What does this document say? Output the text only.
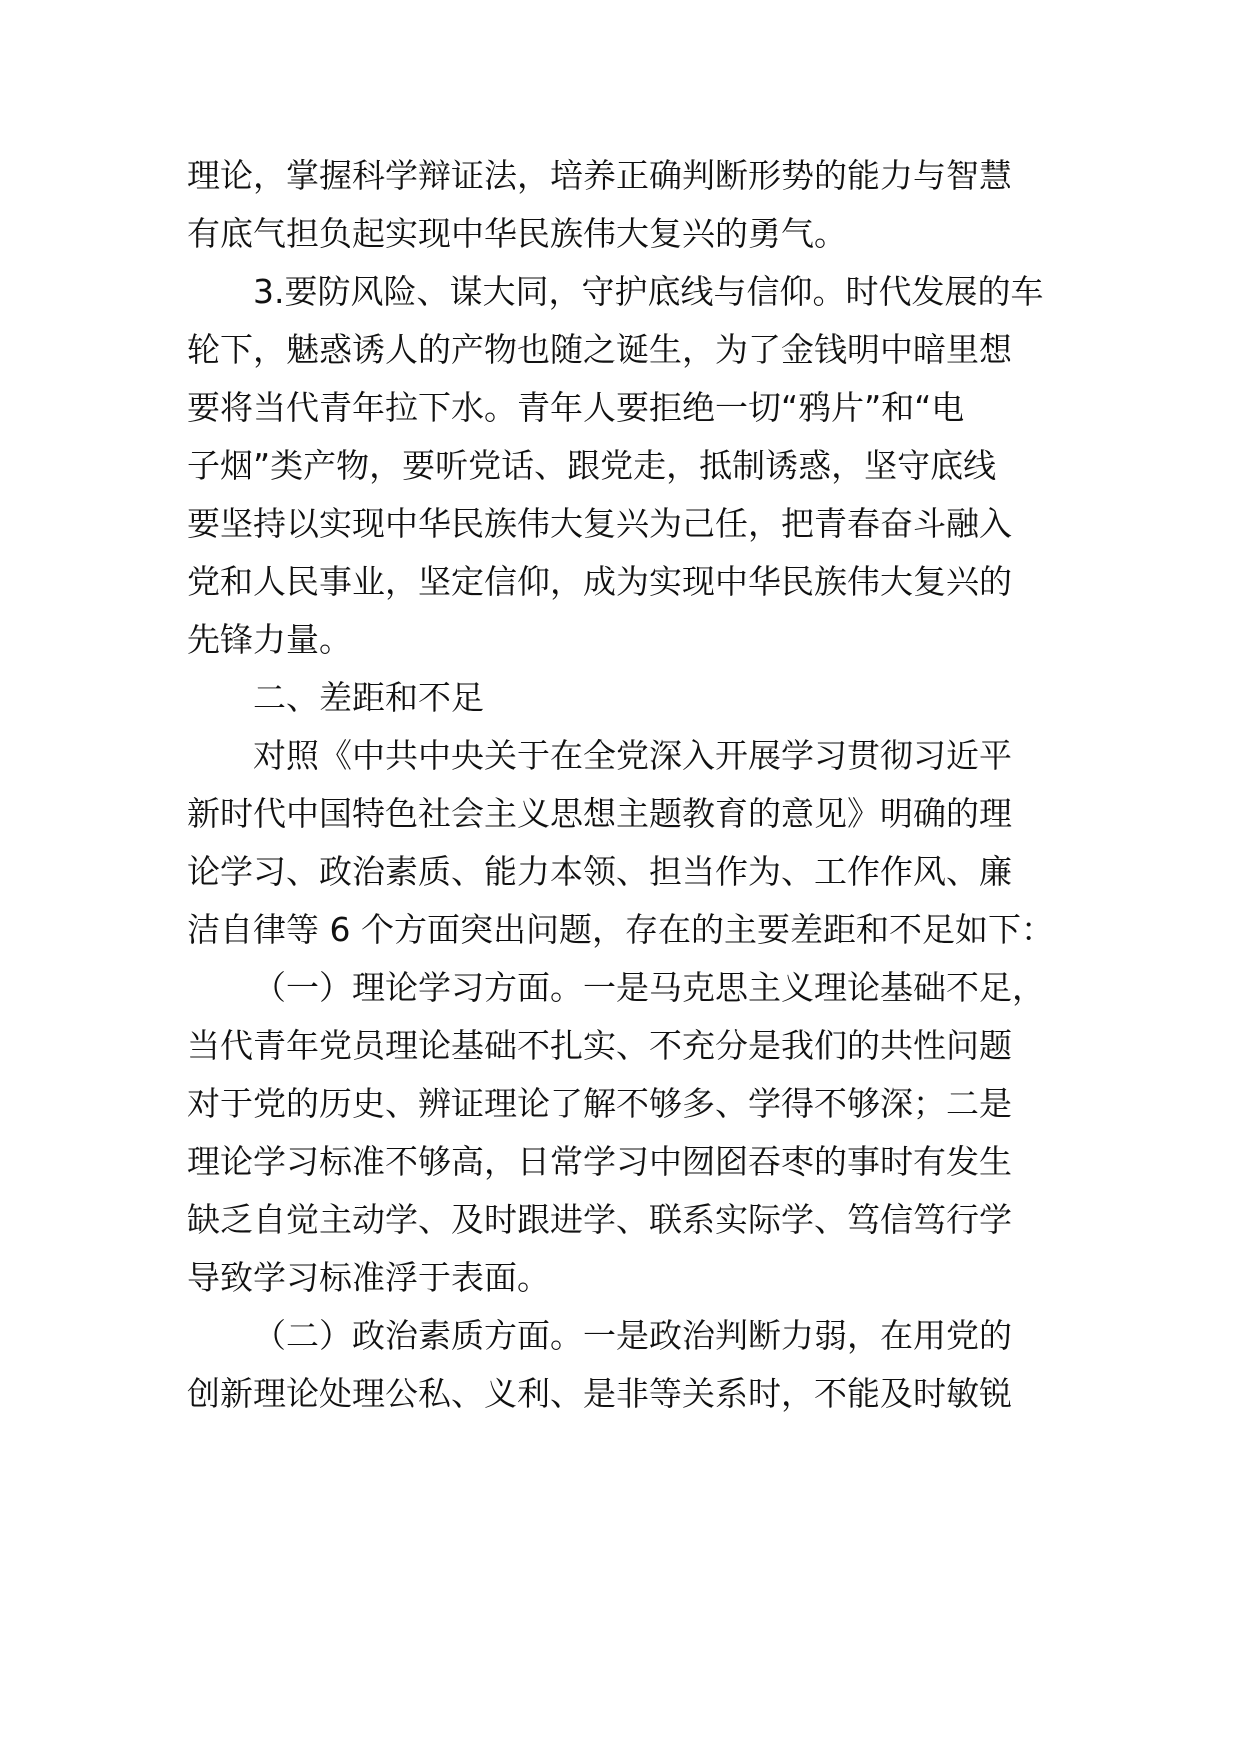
理论，掌握科学辩证法，培养正确判断形势的能力与智慧

有底气担负起实现中华民族伟大复兴的勇气。

3.要防风险、谋大同，守护底线与信仰。时代发展的车

轮下，魅惑诱人的产物也随之诞生，为了金钱明中暗里想

要将当代青年拉下水。青年人要拒绝一切“鸦片”和“电

子烟”类产物，要听党话、跟党走，抵制诱惑，坚守底线

要坚持以实现中华民族伟大复兴为己任，把青春奋斗融入

党和人民事业，坚定信仰，成为实现中华民族伟大复兴的

先锋力量。

二、差距和不足

对照《中共中央关于在全党深入开展学习贯彻习近平

新时代中国特色社会主义思想主题教育的意见》明确的理

论学习、政治素质、能力本领、担当作为、工作作风、廉

洁自律等 6 个方面突出问题，存在的主要差距和不足如下：

（一）理论学习方面。一是马克思主义理论基础不足，

当代青年党员理论基础不扎实、不充分是我们的共性问题

对于党的历史、辨证理论了解不够多、学得不够深；二是

理论学习标准不够高，日常学习中囫囵吞枣的事时有发生

缺乏自觉主动学、及时跟进学、联系实际学、笃信笃行学

导致学习标准浮于表面。

（二）政治素质方面。一是政治判断力弱，在用党的

创新理论处理公私、义利、是非等关系时，不能及时敏锐
